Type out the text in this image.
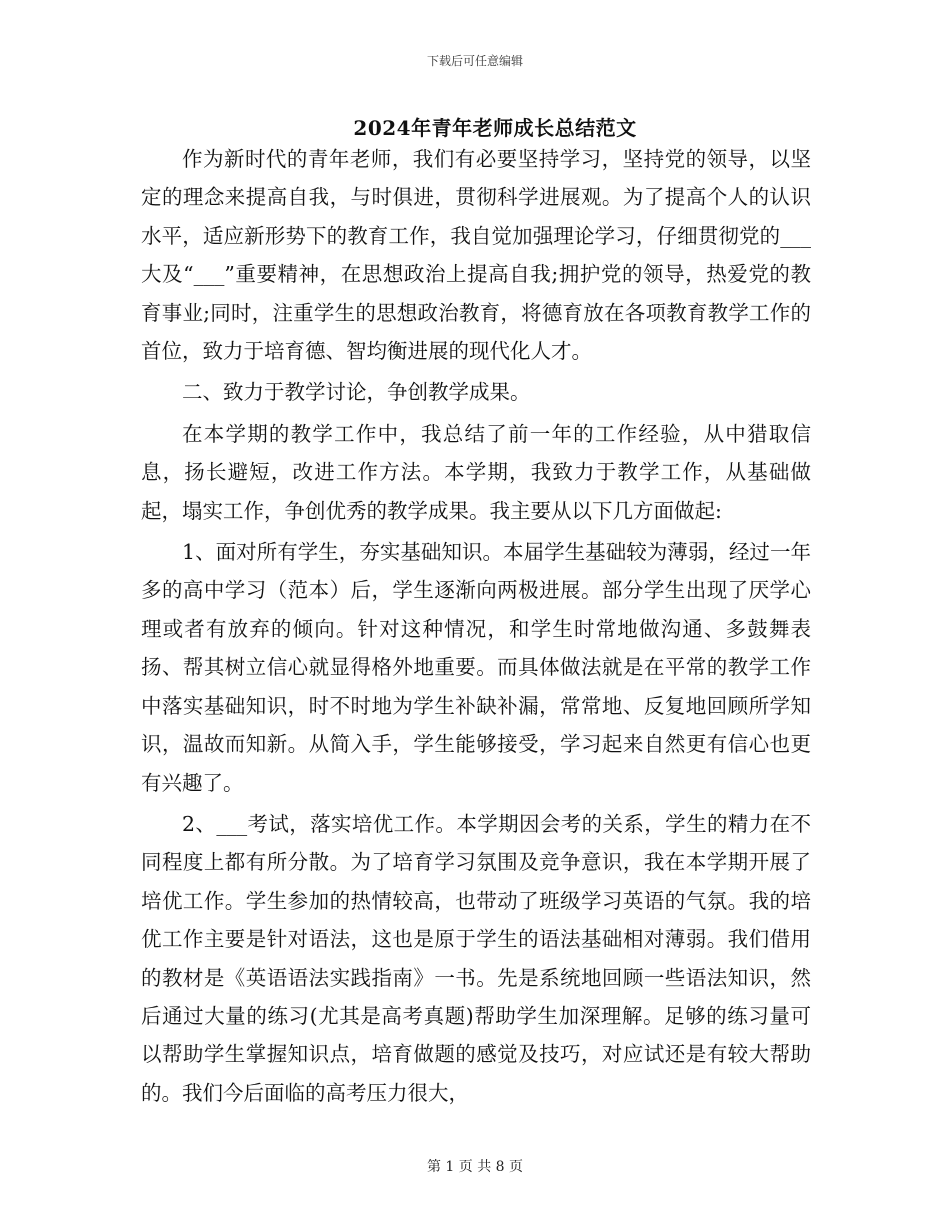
下载后可任意编辑
2024年青年老师成长总结范文

作为新时代的青年老师，我们有必要坚持学习，坚持党的领导，以坚定的理念来提高自我，与时俱进，贯彻科学进展观。为了提高个人的认识水平，适应新形势下的教育工作，我自觉加强理论学习，仔细贯彻党的___大及“___”重要精神，在思想政治上提高自我;拥护党的领导，热爱党的教育事业;同时，注重学生的思想政治教育，将德育放在各项教育教学工作的首位，致力于培育德、智均衡进展的现代化人才。

二、致力于教学讨论，争创教学成果。

在本学期的教学工作中，我总结了前一年的工作经验，从中猎取信息，扬长避短，改进工作方法。本学期，我致力于教学工作，从基础做起，塌实工作，争创优秀的教学成果。我主要从以下几方面做起:

1、面对所有学生，夯实基础知识。本届学生基础较为薄弱，经过一年多的高中学习（范本）后，学生逐渐向两极进展。部分学生出现了厌学心理或者有放弃的倾向。针对这种情况，和学生时常地做沟通、多鼓舞表扬、帮其树立信心就显得格外地重要。而具体做法就是在平常的教学工作中落实基础知识，时不时地为学生补缺补漏，常常地、反复地回顾所学知识，温故而知新。从简入手，学生能够接受，学习起来自然更有信心也更有兴趣了。

2、___考试，落实培优工作。本学期因会考的关系，学生的精力在不同程度上都有所分散。为了培育学习氛围及竞争意识，我在本学期开展了培优工作。学生参加的热情较高，也带动了班级学习英语的气氛。我的培优工作主要是针对语法，这也是原于学生的语法基础相对薄弱。我们借用的教材是《英语语法实践指南》一书。先是系统地回顾一些语法知识，然后通过大量的练习(尤其是高考真题)帮助学生加深理解。足够的练习量可以帮助学生掌握知识点，培育做题的感觉及技巧，对应试还是有较大帮助的。我们今后面临的高考压力很大，

第 1 页 共 8 页
